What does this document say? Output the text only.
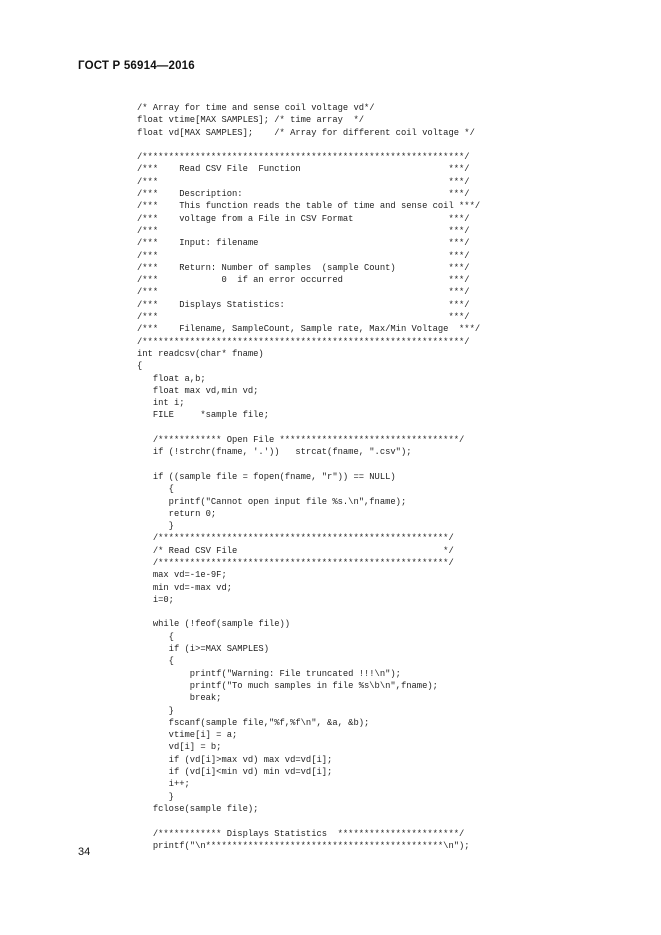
ГОСТ Р 56914—2016
/* Array for time and sense coil voltage vd*/
float vtime[MAX SAMPLES]; /* time array  */
float vd[MAX SAMPLES];    /* Array for different coil voltage */
/*************************************************************/
/***    Read CSV File  Function                            ***/
/***                                                       ***/
/***    Description:                                       ***/
/***    This function reads the table of time and sense coil ***/
/***    voltage from a File in CSV Format                  ***/
/***                                                       ***/
/***    Input: filename                                    ***/
/***                                                       ***/
/***    Return: Number of samples  (sample Count)          ***/
/***            0  if an error occurred                    ***/
/***                                                       ***/
/***    Displays Statistics:                               ***/
/***                                                       ***/
/***    Filename, SampleCount, Sample rate, Max/Min Voltage  ***/
/*************************************************************/
int readcsv(char* fname)
{
float a,b;
float max vd,min vd;
int i;
FILE     *sample file;
/************ Open File **********************************/
if (!strchr(fname, '.'))   strcat(fname, ".csv");
if ((sample file = fopen(fname, "r")) == NULL)
{
printf("Cannot open input file %s.\n",fname);
return 0;
}
/*******************************************************/
/* Read CSV File                                       */
/*******************************************************/
max vd=-1e-9F;
min vd=-max vd;
i=0;
while (!feof(sample file))
{
if (i>=MAX SAMPLES)
{
printf("Warning: File truncated !!!\n");
printf("To much samples in file %s\b\n",fname);
break;
}
fscanf(sample file,"%f,%f\n", &a, &b);
vtime[i] = a;
vd[i] = b;
if (vd[i]>max vd) max vd=vd[i];
if (vd[i]<min vd) min vd=vd[i];
i++;
}
fclose(sample file);
/************ Displays Statistics  ***********************/
printf("\n*********************************************\n");
34
